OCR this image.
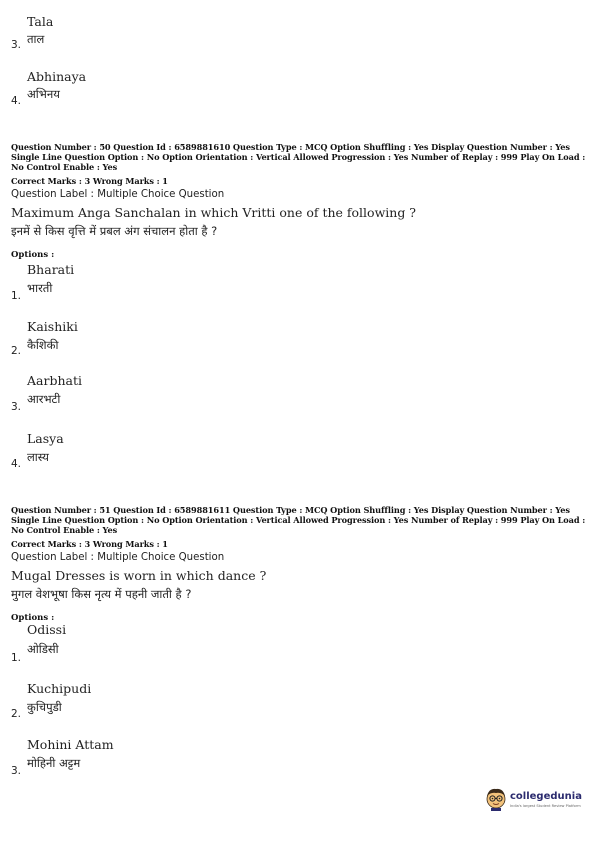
Tala
3. ताल
Abhinaya
4. अभिनय
Question Number : 50 Question Id : 6589881610 Question Type : MCQ Option Shuffling : Yes Display Question Number : Yes
Single Line Question Option : No Option Orientation : Vertical Allowed Progression : Yes Number of Replay : 999 Play On Load :
No Control Enable : Yes
Correct Marks : 3 Wrong Marks : 1
Question Label : Multiple Choice Question
Maximum Anga Sanchalan in which Vritti one of the following ?
इनमें से किस वृत्ति में प्रबल अंग संचालन होता है ?
Options :
Bharati
1.
भारती
Kaishiki
2. कैशिकी
Aarbhati
3.
आरभटी
Lasya
4. लास्य
Question Number : 51 Question Id : 6589881611 Question Type : MCQ Option Shuffling : Yes Display Question Number : Yes
Single Line Question Option : No Option Orientation : Vertical Allowed Progression : Yes Number of Replay : 999 Play On Load :
No Control Enable : Yes
Correct Marks : 3 Wrong Marks : 1
Question Label : Multiple Choice Question
Mugal Dresses is worn in which dance ?
मुगल वेशभूषा किस नृत्य में पहनी जाती है ?
Options :
Odissi
1.
ओडिसी
Kuchipudi
2. कुचिपुडी
Mohini Attam
3.
मोहिनी अट्टम
collegedunia
India's largest Student Review Platform
